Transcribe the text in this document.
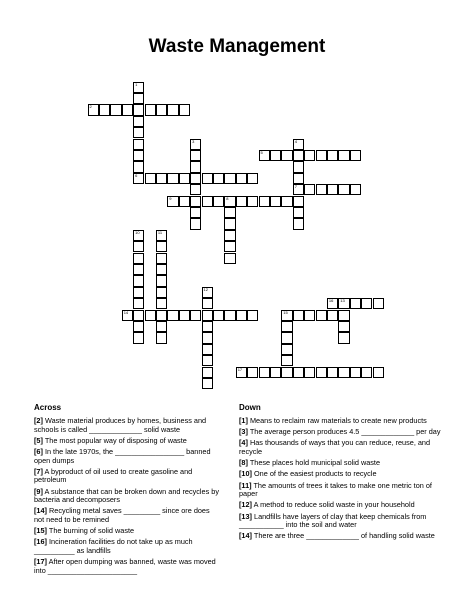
Waste Management
1
6
2
3	4
7
5
9	8
10	11
12
13
15
14
16
17
Across
[2] Waste material produces by homes, business and schools is called _____________ solid waste
[5] The most popular way of disposing of waste
[6] In the late 1970s, the _________________ banned open dumps
[7] A byproduct of oil used to create gasoline and petroleum
[9] A substance that can be broken down and recycles by bacteria and decomposers
[14] Recycling metal saves _________ since ore does not need to be remined
[15] The burning of solid waste
[16] Incineration facilities do not take up as much __________ as landfills
[17] After open dumping was banned, waste was moved into ______________________
Down
[1] Means to reclaim raw materials to create new products
[3] The average person produces 4.5 _____________ per day
[4] Has thousands of ways that you can reduce, reuse, and recycle
[8] These places hold municipal solid waste
[10] One of the easiest products to recycle
[11] The amounts of trees it takes to make one metric ton of paper
[12] A method to reduce solid waste in your household
[13] Landfills have layers of clay that keep chemicals from ___________ into the soil and water
[14] There are three _____________ of handling solid waste
